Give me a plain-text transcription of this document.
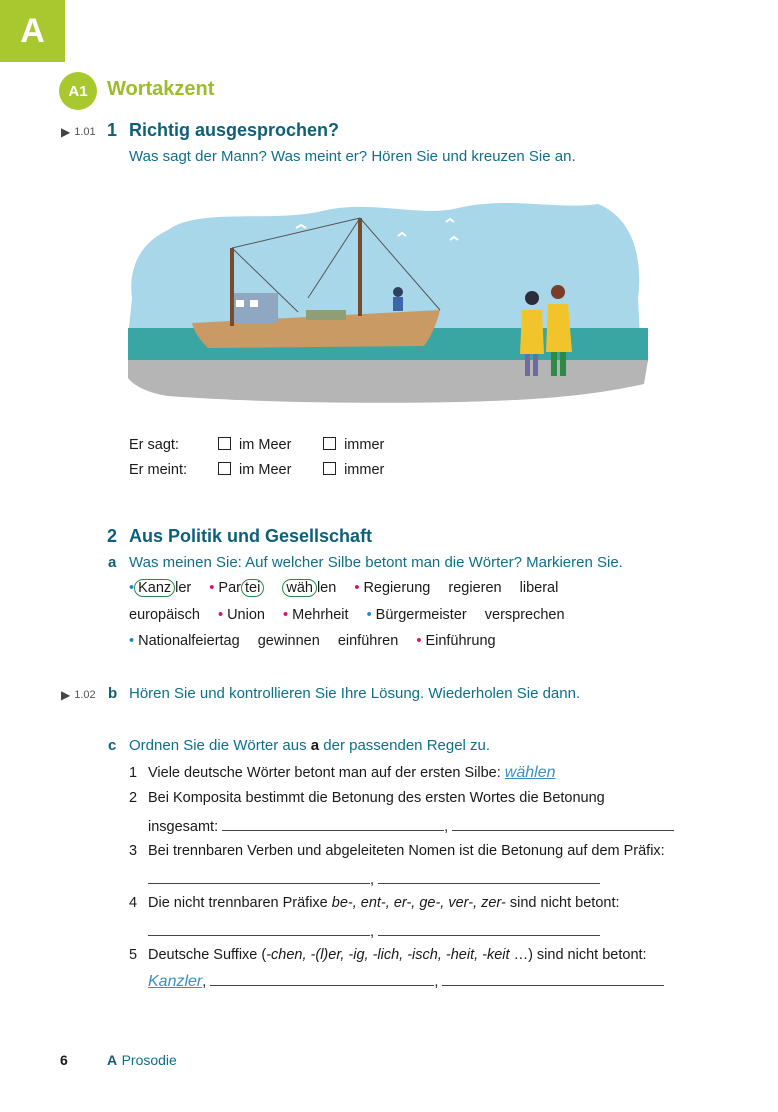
A
A1 Wortakzent
▶ 1.01 1 Richtig ausgesprochen?
Was sagt der Mann? Was meint er? Hören Sie und kreuzen Sie an.
Er sagt:	im Meer	immer
Er meint:	im Meer	immer
2 Aus Politik und Gesellschaft
a Was meinen Sie: Auf welcher Silbe betont man die Wörter? Markieren Sie.
• Kanz ler • Par tei wäh len • Regierung regieren liberal
europäisch • Union • Mehrheit • Bürgermeister versprechen
• Nationalfeiertag gewinnen einführen • Einführung
▶ 1.02 b Hören Sie und kontrollieren Sie Ihre Lösung. Wiederholen Sie dann.
c Ordnen Sie die Wörter aus a der passenden Regel zu.
1 Viele deutsche Wörter betont man auf der ersten Silbe: wählen
2 Bei Komposita bestimmt die Betonung des ersten Wortes die Betonung
insgesamt:	,
3 Bei trennbaren Verben und abgeleiteten Nomen ist die Betonung auf dem Präfix:
,
4 Die nicht trennbaren Präfixe be-, ent-, er-, ge-, ver-, zer- sind nicht betont:
,
5 Deutsche Suffixe (-chen, -(l)er, -ig, -lich, -isch, -heit, -keit …) sind nicht betont:
Kanzler,	,
6	A Prosodie
